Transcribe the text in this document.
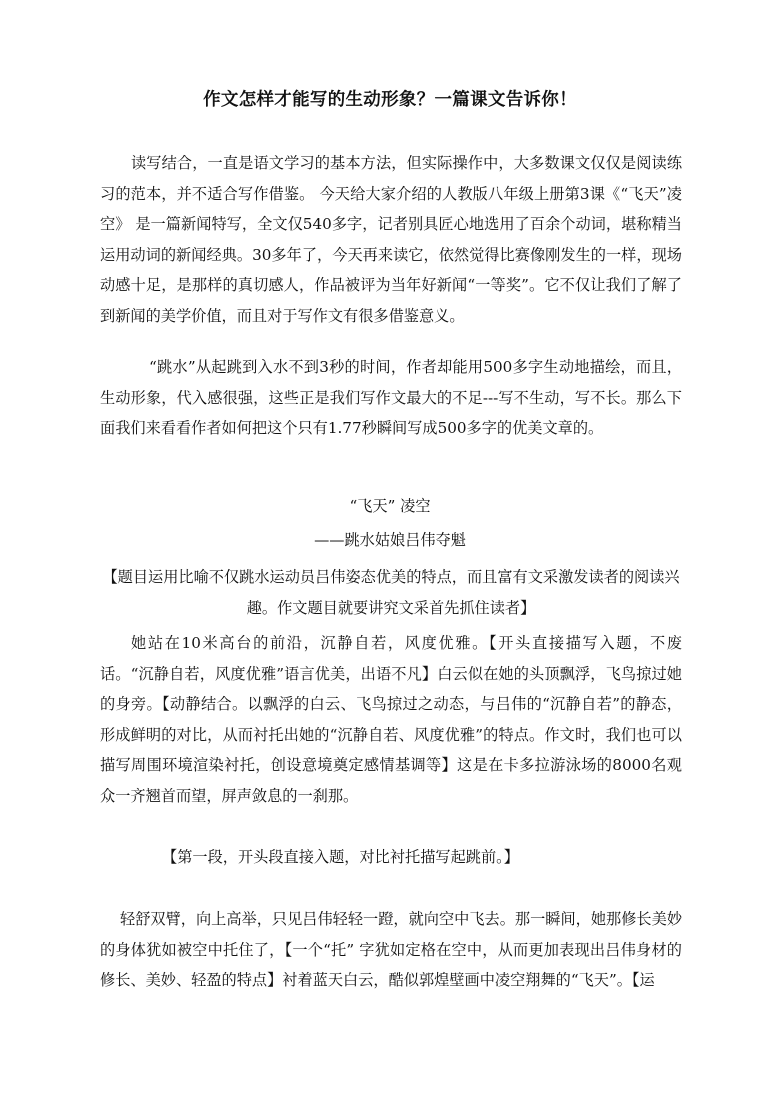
作文怎样才能写的生动形象？一篇课文告诉你！

读写结合，一直是语文学习的基本方法，但实际操作中，大多数课文仅仅是阅读练习的范本，并不适合写作借鉴。 今天给大家介绍的人教版八年级上册第3课《“飞天”凌空》 是一篇新闻特写，全文仅540多字，记者别具匠心地选用了百余个动词，堪称精当运用动词的新闻经典。30多年了，今天再来读它，依然觉得比赛像刚发生的一样，现场动感十足，是那样的真切感人，作品被评为当年好新闻“一等奖”。它不仅让我们了解了到新闻的美学价值，而且对于写作文有很多借鉴意义。

“跳水”从起跳到入水不到3秒的时间，作者却能用500多字生动地描绘，而且，生动形象，代入感很强，这些正是我们写作文最大的不足---写不生动，写不长。那么下面我们来看看作者如何把这个只有1.77秒瞬间写成500多字的优美文章的。

“飞天” 凌空
——跳水姑娘吕伟夺魁

【题目运用比喻不仅跳水运动员吕伟姿态优美的特点，而且富有文采激发读者的阅读兴趣。作文题目就要讲究文采首先抓住读者】

她站在10米高台的前沿，沉静自若，风度优雅。【开头直接描写入题，不废话。“沉静自若，风度优雅”语言优美，出语不凡】白云似在她的头顶飘浮，飞鸟掠过她的身旁。【动静结合。以飘浮的白云、飞鸟掠过之动态，与吕伟的“沉静自若”的静态，形成鲜明的对比，从而衬托出她的“沉静自若、风度优雅”的特点。作文时，我们也可以描写周围环境渲染衬托，创设意境奠定感情基调等】这是在卡多拉游泳场的8000名观众一齐翘首而望，屏声敛息的一刹那。

【第一段，开头段直接入题，对比衬托描写起跳前。】

轻舒双臂，向上高举，只见吕伟轻轻一蹬，就向空中飞去。那一瞬间，她那修长美妙的身体犹如被空中托住了，【一个“托” 字犹如定格在空中，从而更加表现出吕伟身材的修长、美妙、轻盈的特点】衬着蓝天白云，酷似郭煌壁画中凌空翔舞的“飞天”。【运
